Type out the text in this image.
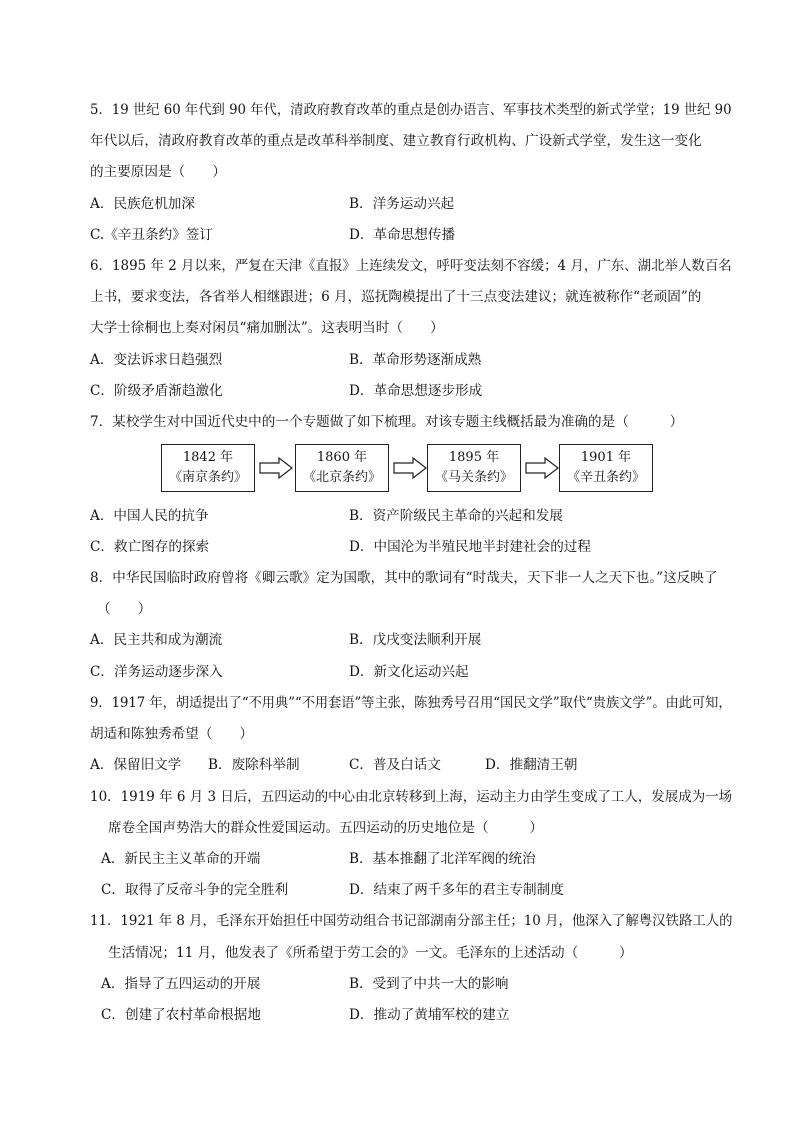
5．19 世纪 60 年代到 90 年代，清政府教育改革的重点是创办语言、军事技术类型的新式学堂；19 世纪 90
年代以后，清政府教育改革的重点是改革科举制度、建立教育行政机构、广设新式学堂，发生这一变化
的主要原因是（　　）
A．民族危机加深	B．洋务运动兴起
C.《辛丑条约》签订	D．革命思想传播
6．1895 年 2 月以来，严复在天津《直报》上连续发文，呼吁变法刻不容缓；4 月，广东、湖北举人数百名
上书，要求变法，各省举人相继跟进；6 月，巡抚陶模提出了十三点变法建议；就连被称作“老顽固”的
大学士徐桐也上奏对闲员“痛加删汰”。这表明当时（　　）
A．变法诉求日趋强烈	B．革命形势逐渐成熟
C．阶级矛盾渐趋激化	D．革命思想逐步形成
7．某校学生对中国近代史中的一个专题做了如下梳理。对该专题主线概括最为准确的是（　　　）
1842 年
《南京条约》
1860 年
《北京条约》
1895 年
《马关条约》
1901 年
《辛丑条约》
A．中国人民的抗争	B．资产阶级民主革命的兴起和发展
C．救亡图存的探索	D．中国沦为半殖民地半封建社会的过程
8．中华民国临时政府曾将《卿云歌》定为国歌，其中的歌词有“时哉夫，天下非一人之天下也。”这反映了
（　　）
A．民主共和成为潮流	B．戊戌变法顺利开展
C．洋务运动逐步深入	D．新文化运动兴起
9．1917 年，胡适提出了“不用典”“不用套语”等主张，陈独秀号召用“国民文学”取代“贵族文学”。由此可知，
胡适和陈独秀希望（　　）
A．保留旧文学 B．废除科举制	C．普及白话文	D．推翻清王朝
10．1919 年 6 月 3 日后，五四运动的中心由北京转移到上海，运动主力由学生变成了工人，发展成为一场
席卷全国声势浩大的群众性爱国运动。五四运动的历史地位是（　　　）
A．新民主主义革命的开端	B．基本推翻了北洋军阀的统治
C．取得了反帝斗争的完全胜利	D．结束了两千多年的君主专制制度
11．1921 年 8 月，毛泽东开始担任中国劳动组合书记部湖南分部主任；10 月，他深入了解粤汉铁路工人的
生活情况；11 月，他发表了《所希望于劳工会的》一文。毛泽东的上述活动（　　　）
A．指导了五四运动的开展	B．受到了中共一大的影响
C．创建了农村革命根据地	D．推动了黄埔军校的建立
